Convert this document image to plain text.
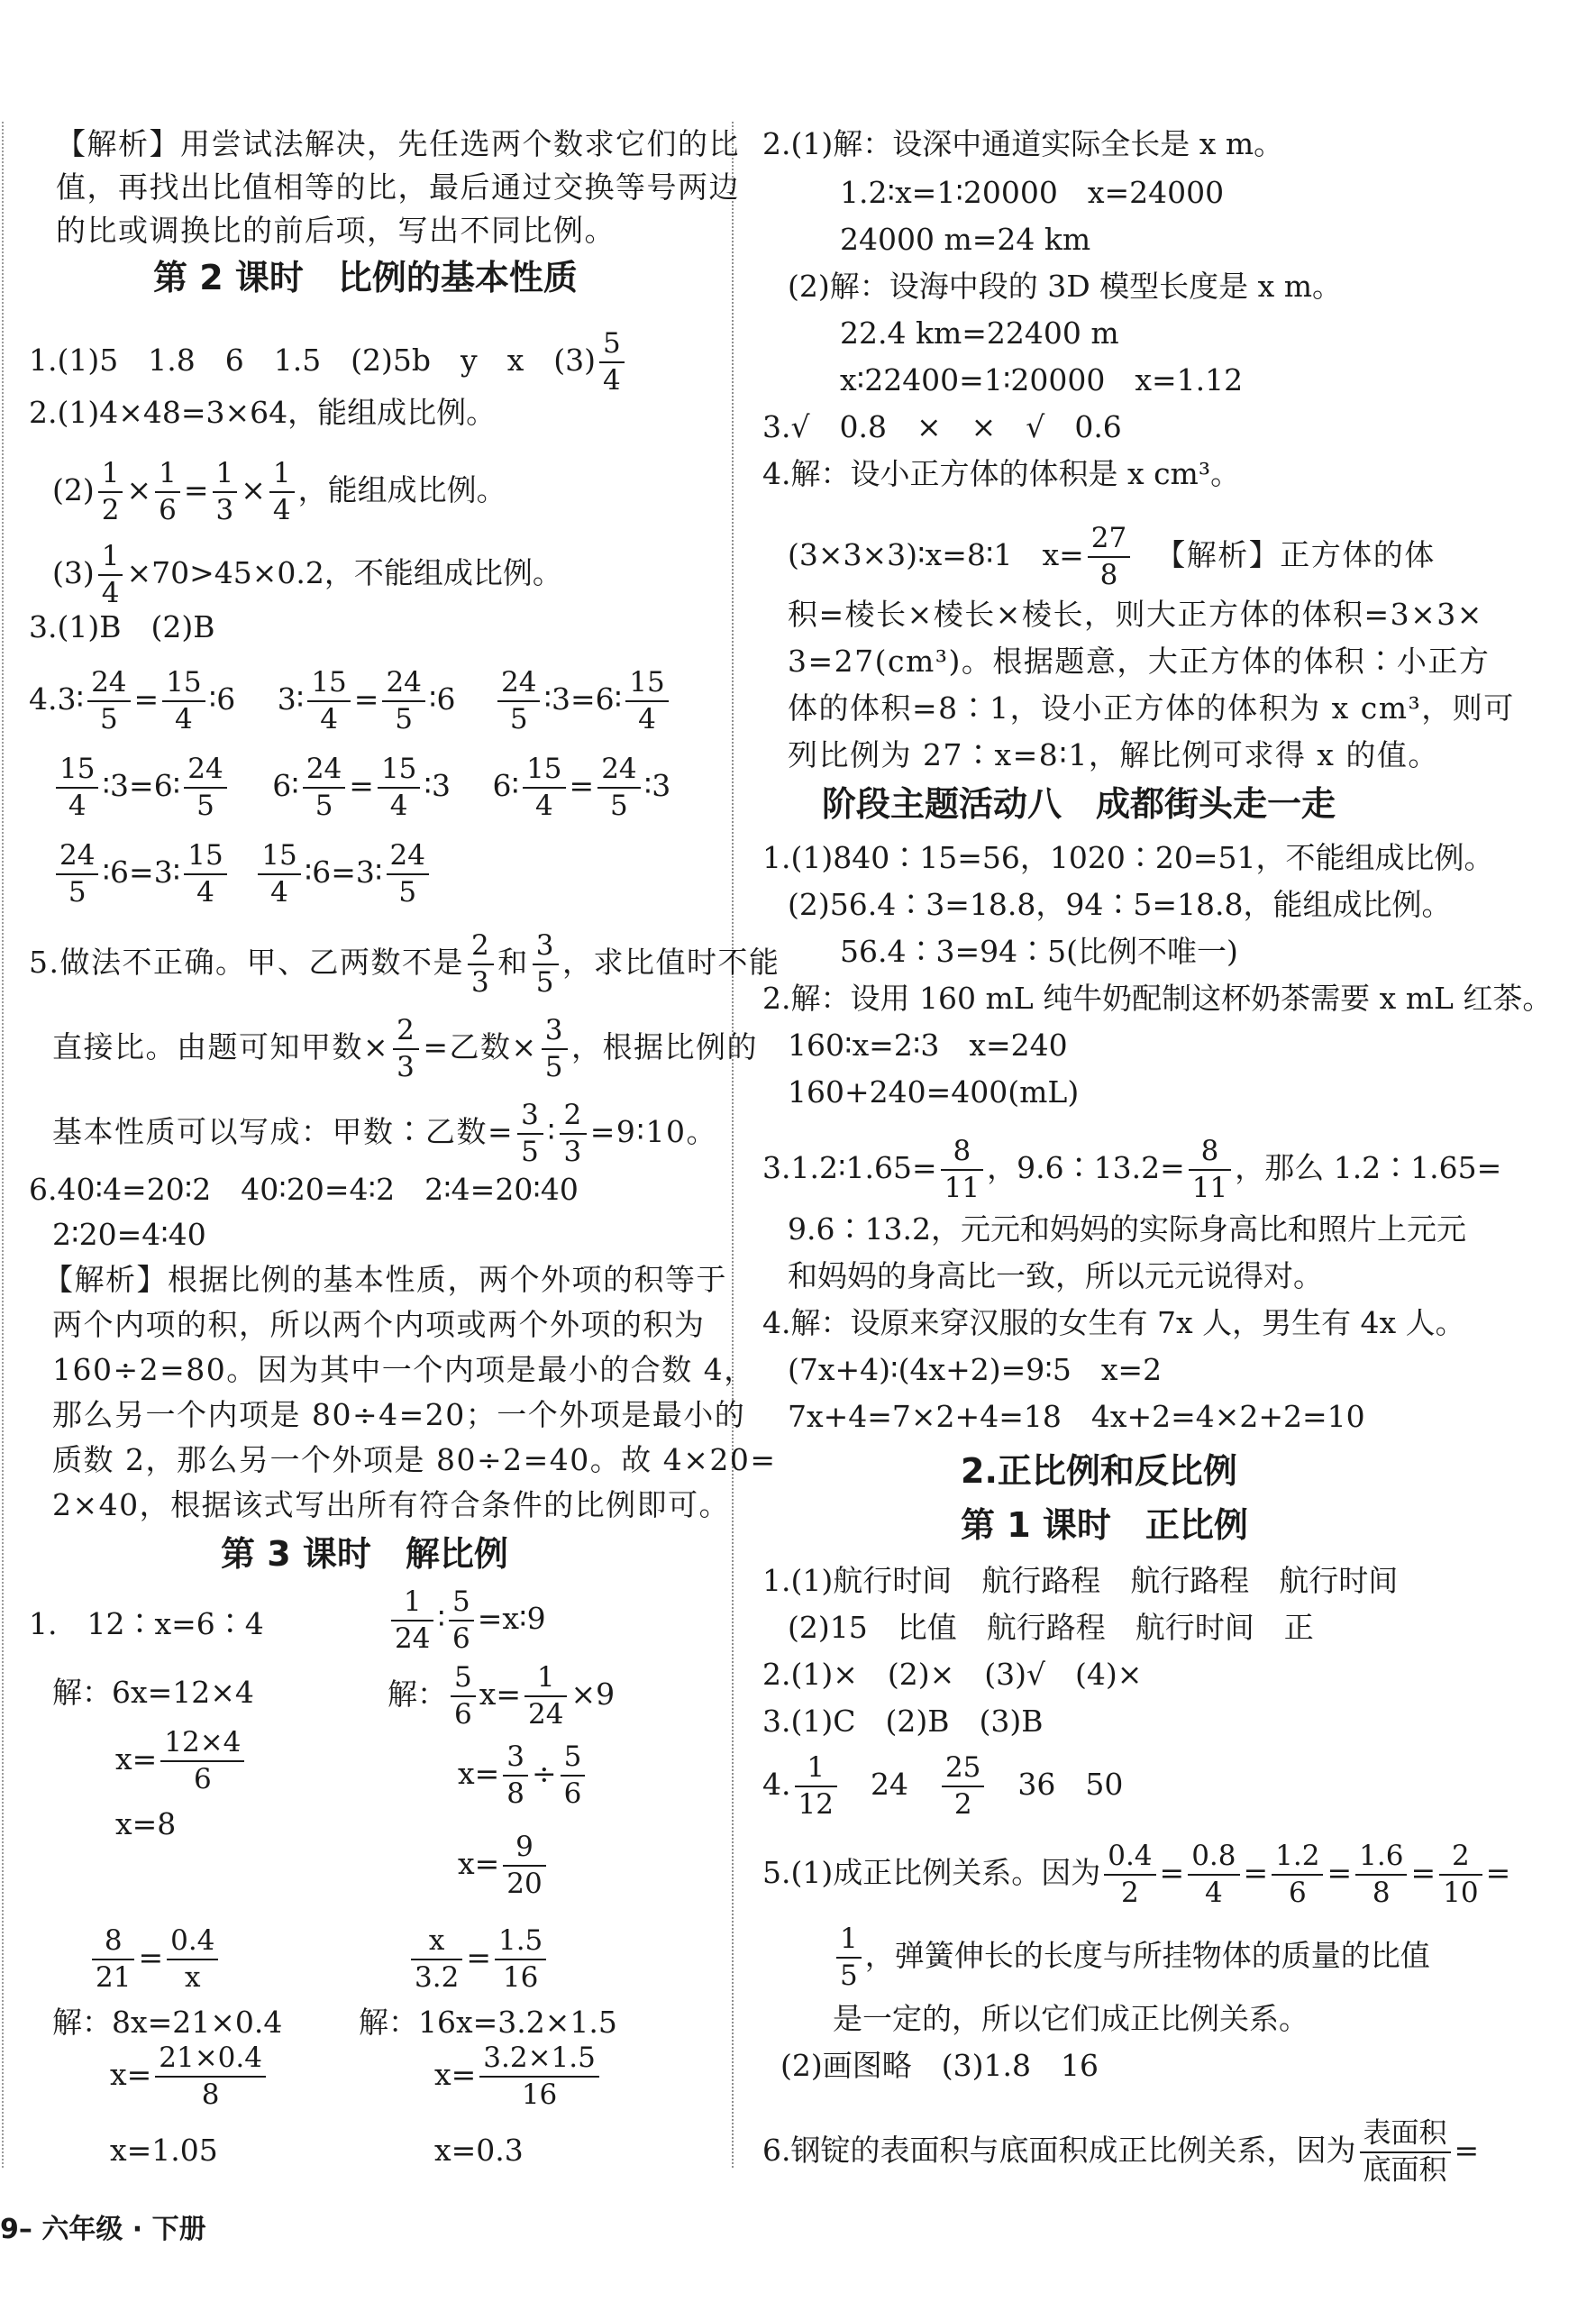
【解析】用尝试法解决，先任选两个数求它们的比
值，再找出比值相等的比，最后通过交换等号两边
的比或调换比的前后项，写出不同比例。
第 2 课时　比例的基本性质
1.(1)5　1.8　6　1.5　(2)5b　y　x　$(3) \frac{5}{4}$
2.(1)4×48=3×64，能组成比例。
$(2) \frac{1}{2} \times \frac{1}{6} = \frac{1}{3} \times \frac{1}{4}$ ，能组成比例。
$(3) \frac{1}{4} \times 70>45\times 0.2$，不能组成比例。
3.(1)B　(2)B
4.3∶ $\frac{24}{5} = \frac{15}{4}$ ∶6 3∶ $\frac{15}{4} = \frac{24}{5}$ ∶6 $\frac{24}{5}$ ∶3=6∶ $\frac{15}{4}$
$\frac{15}{4}$ ∶3=6∶ $\frac{24}{5}$ 6∶ $\frac{24}{5} = \frac{15}{4}$ ∶3 6∶ $\frac{15}{4} = \frac{24}{5}$ ∶3
$\frac{24}{5}$ ∶6=3∶ $\frac{15}{4}$
$\frac{15}{4}$ ∶6=3∶ $\frac{24}{5}$
5.做法不正确。甲、乙两数不是 $\frac{2}{3}$ 和 $\frac{3}{5}$ ，求比值时不能
直接比。由题可知甲数× $\frac{2}{3}$ =乙数× $\frac{3}{5}$ ，根据比例的
基本性质可以写成：甲数∶乙数= $\frac{3}{5}$ ∶ $\frac{2}{3}$ =9∶10。
6.40∶4=20∶2　40∶20=4∶2　2∶4=20∶40
2∶20=4∶40
【解析】根据比例的基本性质，两个外项的积等于
两个内项的积，所以两个内项或两个外项的积为
160÷2=80。因为其中一个内项是最小的合数 4，
那么另一个内项是 80÷4=20；一个外项是最小的
质数 2，那么另一个外项是 80÷2=40。故 4×20=
2×40，根据该式写出所有符合条件的比例即可。
第 3 课时　解比例
1.　12∶x=6∶4
解：6x=12×4
$x= \frac{12\times 4}{6}$
x=8
$\frac{1}{24}$ ∶ $\frac{5}{6}$ =x∶9
解： $\frac{5}{6} x= \frac{1}{24} \times 9$
$x= \frac{3}{8} \div \frac{5}{6}$
$x= \frac{9}{20}$
$\frac{8}{21} = \frac{0.4}{x}$
解：8x=21×0.4
$x= \frac{21\times 0.4}{8}$
x=1.05
$\frac{x}{3.2} = \frac{1.5}{16}$
解：16x=3.2×1.5
$x= \frac{3.2\times 1.5}{16}$
x=0.3
2.(1)解：设深中通道实际全长是 x m。
1.2∶x=1∶20000　x=24000
24000 m=24 km
(2)解：设海中段的 3D 模型长度是 x m。
22.4 km=22400 m
x∶22400=1∶20000　x=1.12
3.√　0.8　×　×　√　0.6
4.解：设小正方体的体积是 x cm³。
(3×3×3)∶x=8∶1　$x= \frac{27}{8}$ 【解析】正方体的体
积=棱长×棱长×棱长，则大正方体的体积=3×3×
3=27(cm³)。根据题意，大正方体的体积∶小正方
体的体积=8∶1，设小正方体的体积为 x cm³，则可
列比例为 27∶x=8∶1，解比例可求得 x 的值。
阶段主题活动八　成都街头走一走
1.(1)840∶15=56，1020∶20=51，不能组成比例。
(2)56.4∶3=18.8，94∶5=18.8，能组成比例。
56.4∶3=94∶5(比例不唯一)
2.解：设用 160 mL 纯牛奶配制这杯奶茶需要 x mL 红茶。
160∶x=2∶3　x=240
160+240=400(mL)
3.1.2∶1.65= $\frac{8}{11}$ ，9.6∶13.2= $\frac{8}{11}$ ，那么 1.2∶1.65=
9.6∶13.2，元元和妈妈的实际身高比和照片上元元
和妈妈的身高比一致，所以元元说得对。
4.解：设原来穿汉服的女生有 7x 人，男生有 4x 人。
(7x+4)∶(4x+2)=9∶5　x=2
7x+4=7×2+4=18　4x+2=4×2+2=10
2.正比例和反比例
第 1 课时　正比例
1.(1)航行时间　航行路程　航行路程　航行时间
(2)15　比值　航行路程　航行时间　正
2.(1)×　(2)×　(3)√　(4)×
3.(1)C　(2)B　(3)B
4. $\frac{1}{12}$ 　24　 $\frac{25}{2}$ 　36　50
5.(1)成正比例关系。因为 $\frac{0.4}{2} = \frac{0.8}{4} = \frac{1.2}{6} = \frac{1.6}{8} = \frac{2}{10}$ =
$\frac{1}{5}$ ，弹簧伸长的长度与所挂物体的质量的比值
是一定的，所以它们成正比例关系。
(2)画图略　(3)1.8　16
6.钢锭的表面积与底面积成正比例关系，因为 $\frac{\text{表面积}}{\text{底面积}}$ =
9– 六年级 · 下册
